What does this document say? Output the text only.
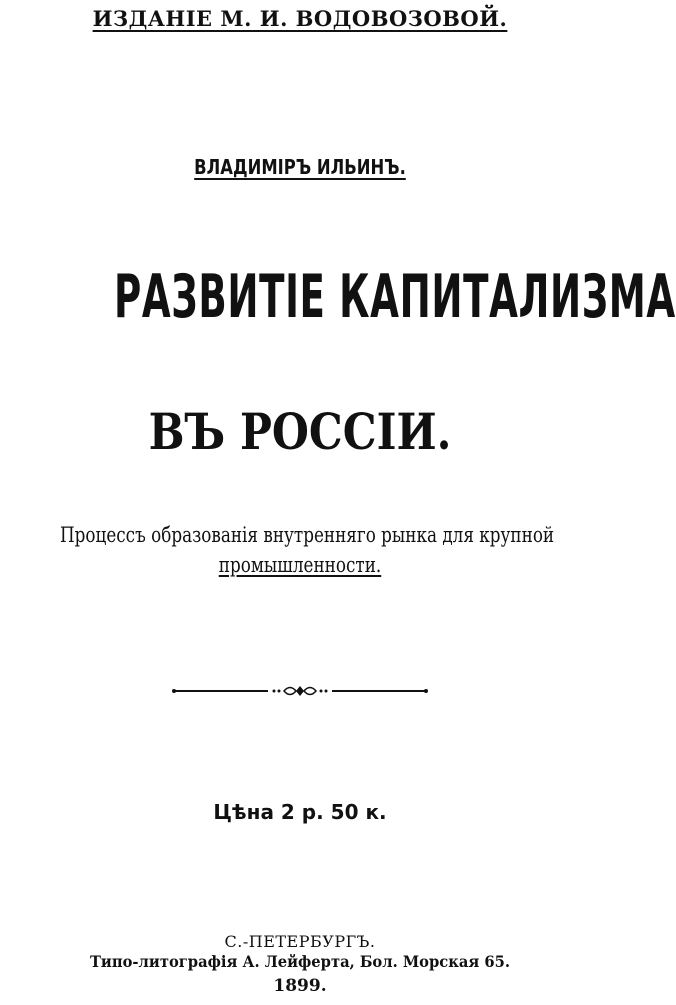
ИЗДАНIЕ М. И. ВОДОВОЗОВОЙ.
ВЛАДИМIРЪ ИЛЬИНЪ.
РАЗВИТIЕ КАПИТАЛИЗМА
ВЪ РОССIИ.
Процессъ образованiя внутренняго рынка для крупной
промышленности.
Цѣна 2 р. 50 к.
С.-ПЕТЕРБУРГЪ.
Типо-литографiя А. Лейферта, Бол. Морская 65.
1899.
